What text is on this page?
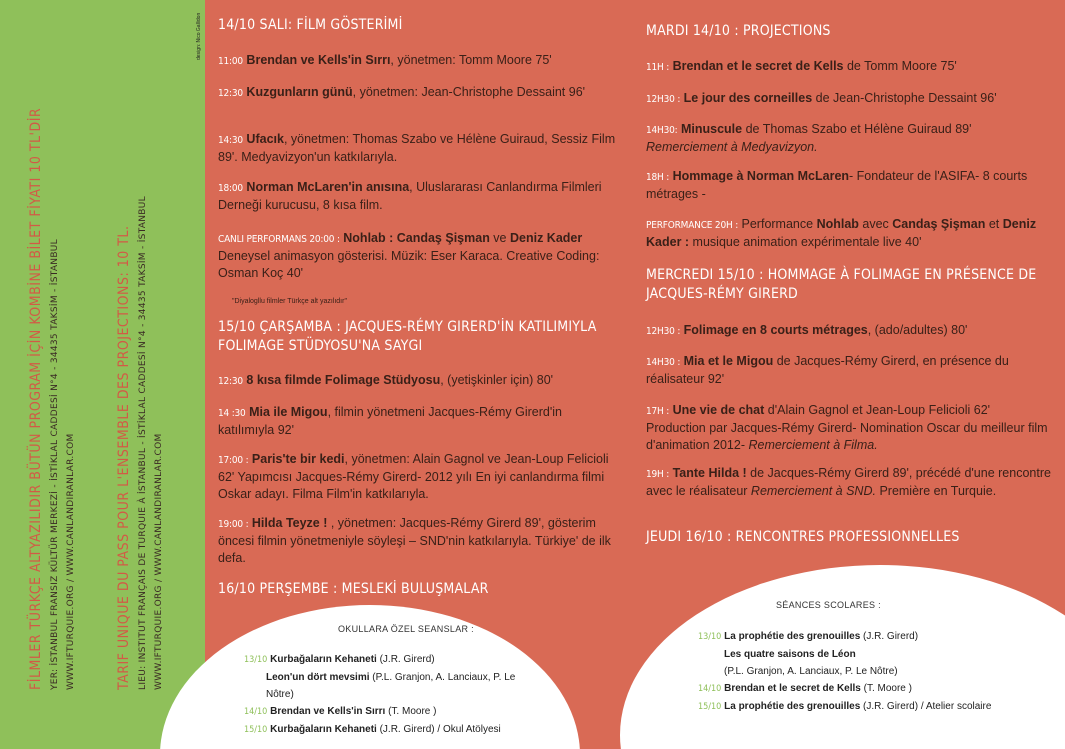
FİLMLER TÜRKÇE ALTYAZILIDIR BÜTÜN PROGRAM İÇİN KOMBİNE BİLET FİYATI 10 TL'DİR YER: İSTANBUL FRANSIZ KÜLTÜR MERKEZİ - İSTİKLAL CADDESİ N°4 - 34435 TAKSİM - İSTANBUL WWW.IFTURQUIE.ORG / WWW.CANLANDIRANLAR.COM	TARIF UNIQUE DU PASS POUR L'ENSEMBLE DES PROJECTIONS: 10 TL. LIEU: INSTITUT FRANÇAIS DE TURQUIE À İSTANBUL - İSTİKLAL CADDESİ N°4 - 34435 TAKSİM - İSTANBUL WWW.IFTURQUIE.ORG / WWW.CANLANDIRANLAR.COM
design: Nico Gallidon 14/10 SALI: FİLM GÖSTERİMİ
11:00 Brendan ve Kells'in Sırrı, yönetmen: Tomm Moore 75'
12:30 Kuzgunların günü, yönetmen: Jean-Christophe Dessaint 96'
14:30 Ufacık, yönetmen: Thomas Szabo ve Hélène Guiraud, Sessiz Film 89'. Medyavizyon'un katkılarıyla.
18:00 Norman McLaren'in anısına, Uluslararası Canlandırma Filmleri Derneği kurucusu, 8 kısa film.
CANLI PERFORMANS 20:00 : Nohlab : Candaş Şişman ve Deniz Kader Deneysel animasyon gösterisi. Müzik: Eser Karaca. Creative Coding: Osman Koç 40'
"Diyalogllu filmler Türkçe alt yazılıdır"
15/10 ÇARŞAMBA : JACQUES-RÉMY GIRERD'İN KATILIMIYLA FOLIMAGE STÜDYOSU'NA SAYGI
12:30 8 kısa filmde Folimage Stüdyosu, (yetişkinler için) 80'
14 :30 Mia ile Migou, filmin yönetmeni Jacques-Rémy Girerd'in katılımıyla 92'
17:00 : Paris'te bir kedi, yönetmen: Alain Gagnol ve Jean-Loup Felicioli 62' Yapımcısı Jacques-Rémy Girerd- 2012 yılı En iyi canlandırma filmi Oskar adayı. Filma Film'in katkılarıyla.
19:00 : Hilda Teyze ! , yönetmen: Jacques-Rémy Girerd 89', gösterim öncesi filmin yönetmeniyle söyleşi – SND'nin katkılarıyla. Türkiye' de ilk defa.
16/10 PERŞEMBE : MESLEKİ BULUŞMALAR
MARDI 14/10 : PROJECTIONS
11H : Brendan et le secret de Kells de Tomm Moore 75'
12H30 : Le jour des corneilles de Jean-Christophe Dessaint 96'
14H30: Minuscule de Thomas Szabo et Hélène Guiraud 89'
Remerciement à Medyavizyon.
18H : Hommage à Norman McLaren- Fondateur de l'ASIFA- 8 courts métrages -
PERFORMANCE 20H : Performance Nohlab avec Candaş Şişman et Deniz Kader : musique animation expérimentale live 40'
MERCREDI 15/10 : HOMMAGE À FOLIMAGE EN PRÉSENCE DE JACQUES-RÉMY GIRERD
12H30 : Folimage en 8 courts métrages, (ado/adultes) 80'
14H30 : Mia et le Migou de Jacques-Rémy Girerd, en présence du réalisateur 92'
17H : Une vie de chat d'Alain Gagnol et Jean-Loup Felicioli 62' Production par Jacques-Rémy Girerd- Nomination Oscar du meilleur film d'animation 2012- Remerciement à Filma.
19H : Tante Hilda ! de Jacques-Rémy Girerd 89', précédé d'une rencontre avec le réalisateur Remerciement à SND. Première en Turquie.
JEUDI 16/10 : RENCONTRES PROFESSIONNELLES
OKULLARA ÖZEL SEANSLAR :
13/10 Kurbağaların Kehaneti (J.R. Girerd)
Leon'un dört mevsimi (P.L. Granjon, A. Lanciaux, P. Le Nôtre)
14/10 Brendan ve Kells'in Sırrı (T. Moore )
15/10 Kurbağaların Kehaneti (J.R. Girerd) / Okul Atölyesi
SÉANCES SCOLARES :
13/10 La prophétie des grenouilles (J.R. Girerd)
Les quatre saisons de Léon
(P.L. Granjon, A. Lanciaux, P. Le Nôtre)
14/10 Brendan et le secret de Kells (T. Moore )
15/10 La prophétie des grenouilles (J.R. Girerd) / Atelier scolaire
